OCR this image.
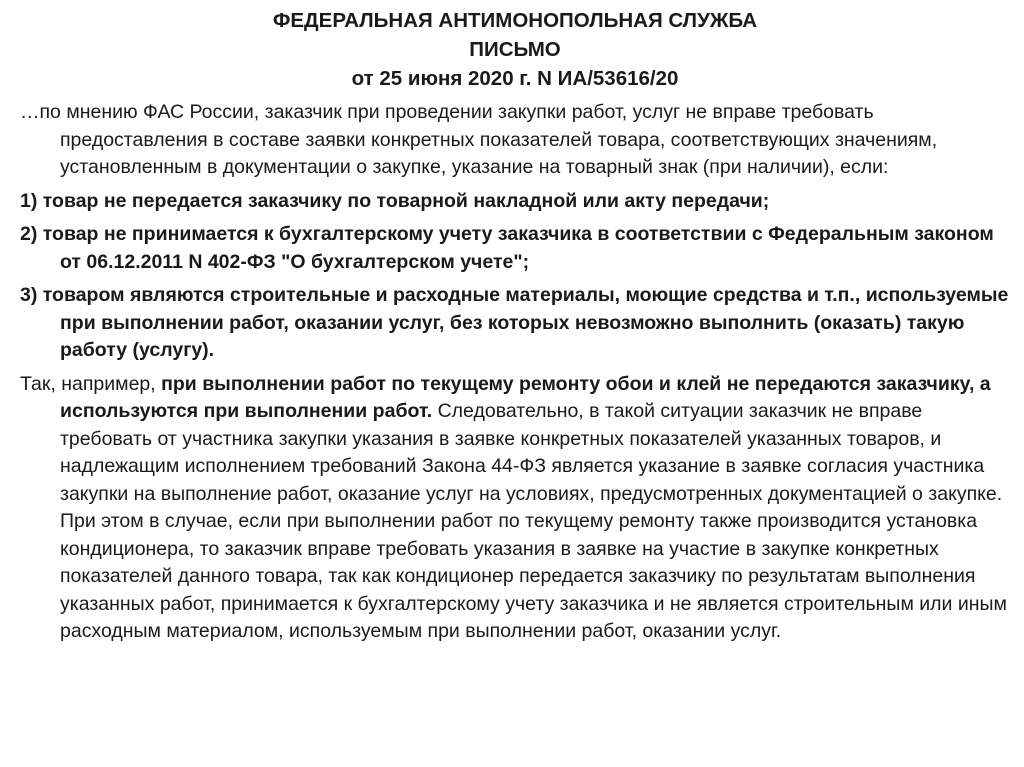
ФЕДЕРАЛЬНАЯ АНТИМОНОПОЛЬНАЯ СЛУЖБА
ПИСЬМО
от 25 июня 2020 г. N ИА/53616/20

…по мнению ФАС России, заказчик при проведении закупки работ, услуг не вправе требовать предоставления в составе заявки конкретных показателей товара, соответствующих значениям, установленным в документации о закупке, указание на товарный знак (при наличии), если:

1) товар не передается заказчику по товарной накладной или акту передачи;

2) товар не принимается к бухгалтерскому учету заказчика в соответствии с Федеральным законом от 06.12.2011 N 402-ФЗ "О бухгалтерском учете";

3) товаром являются строительные и расходные материалы, моющие средства и т.п., используемые при выполнении работ, оказании услуг, без которых невозможно выполнить (оказать) такую работу (услугу).

Так, например, при выполнении работ по текущему ремонту обои и клей не передаются заказчику, а используются при выполнении работ. Следовательно, в такой ситуации заказчик не вправе требовать от участника закупки указания в заявке конкретных показателей указанных товаров, и надлежащим исполнением требований Закона 44-ФЗ является указание в заявке согласия участника закупки на выполнение работ, оказание услуг на условиях, предусмотренных документацией о закупке. При этом в случае, если при выполнении работ по текущему ремонту также производится установка кондиционера, то заказчик вправе требовать указания в заявке на участие в закупке конкретных показателей данного товара, так как кондиционер передается заказчику по результатам выполнения указанных работ, принимается к бухгалтерскому учету заказчика и не является строительным или иным расходным материалом, используемым при выполнении работ, оказании услуг.
